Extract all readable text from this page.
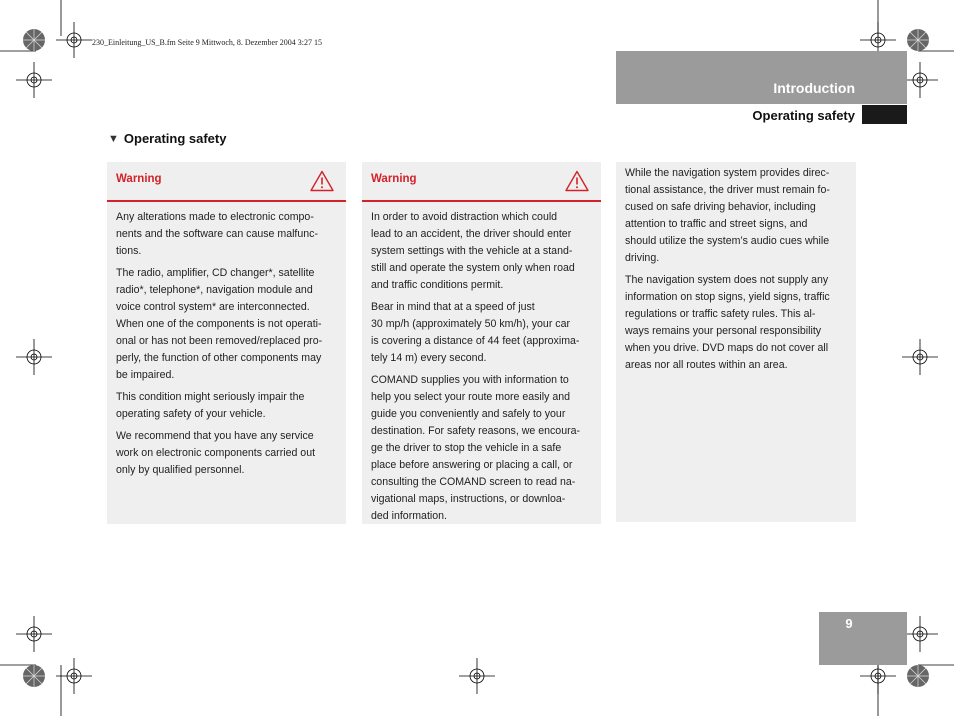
230_Einleitung_US_B.fm Seite 9 Mittwoch, 8. Dezember 2004 3:27 15
Introduction
Operating safety
▼ Operating safety
Warning

Any alterations made to electronic compo-
nents and the software can cause malfunc-
tions.

The radio, amplifier, CD changer*, satellite
radio*, telephone*, navigation module and
voice control system* are interconnected.
When one of the components is not operati-
onal or has not been removed/replaced pro-
perly, the function of other components may
be impaired.

This condition might seriously impair the
operating safety of your vehicle.

We recommend that you have any service
work on electronic components carried out
only by qualified personnel.

Warning

In order to avoid distraction which could
lead to an accident, the driver should enter
system settings with the vehicle at a stand-
still and operate the system only when road
and traffic conditions permit.

Bear in mind that at a speed of just
30 mp/h (approximately 50 km/h), your car
is covering a distance of 44 feet (approxima-
tely 14 m) every second.

COMAND supplies you with information to
help you select your route more easily and
guide you conveniently and safely to your
destination. For safety reasons, we encoura-
ge the driver to stop the vehicle in a safe
place before answering or placing a call, or
consulting the COMAND screen to read na-
vigational maps, instructions, or downloa-
ded information.

While the navigation system provides direc-
tional assistance, the driver must remain fo-
cused on safe driving behavior, including
attention to traffic and street signs, and
should utilize the system’s audio cues while
driving.

The navigation system does not supply any
information on stop signs, yield signs, traffic
regulations or traffic safety rules. This al-
ways remains your personal responsibility
when you drive. DVD maps do not cover all
areas nor all routes within an area.

9
